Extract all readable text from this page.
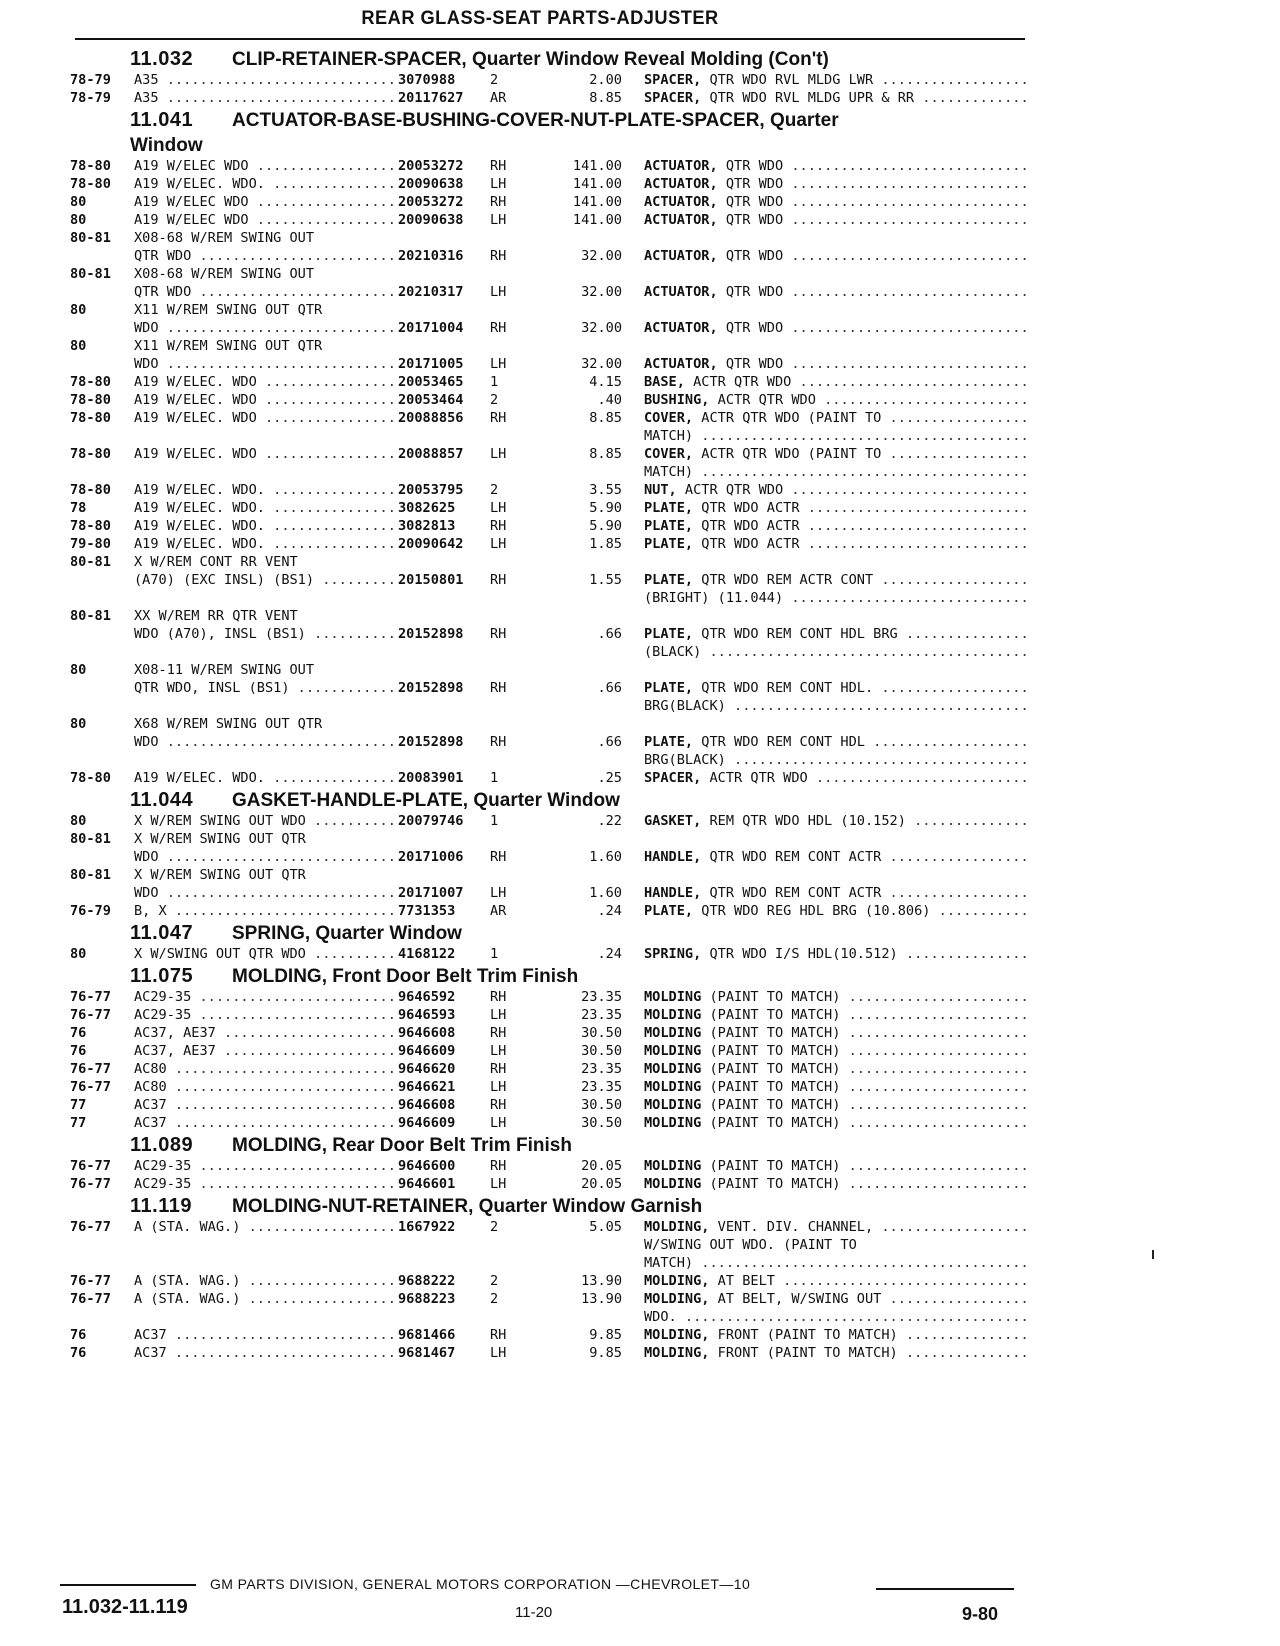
REAR GLASS-SEAT PARTS-ADJUSTER
11.032	CLIP-RETAINER-SPACER, Quarter Window Reveal Molding (Con't)
78-79	A35 .....	3070988	2	2.00	SPACER, QTR WDO RVL MLDG LWR .....
78-79	A35 .....	20117627	AR	8.85	SPACER, QTR WDO RVL MLDG UPR & RR .....
11.041	ACTUATOR-BASE-BUSHING-COVER-NUT-PLATE-SPACER, Quarter
Window
78-80	A19 W/ELEC WDO .....	20053272	RH	141.00	ACTUATOR, QTR WDO .....
78-80	A19 W/ELEC. WDO. .....	20090638	LH	141.00	ACTUATOR, QTR WDO .....
80	A19 W/ELEC WDO .....	20053272	RH	141.00	ACTUATOR, QTR WDO .....
80	A19 W/ELEC WDO .....	20090638	LH	141.00	ACTUATOR, QTR WDO .....
80-81	X08-68 W/REM SWING OUT
QTR WDO .....	20210316	RH	32.00	ACTUATOR, QTR WDO .....
80-81	X08-68 W/REM SWING OUT
QTR WDO .....	20210317	LH	32.00	ACTUATOR, QTR WDO .....
80	X11 W/REM SWING OUT QTR
WDO .....	20171004	RH	32.00	ACTUATOR, QTR WDO .....
80	X11 W/REM SWING OUT QTR
WDO .....	20171005	LH	32.00	ACTUATOR, QTR WDO .....
78-80	A19 W/ELEC. WDO .....	20053465	1	4.15	BASE, ACTR QTR WDO .....
78-80	A19 W/ELEC. WDO .....	20053464	2	.40	BUSHING, ACTR QTR WDO .....
78-80	A19 W/ELEC. WDO .....	20088856	RH	8.85	COVER, ACTR QTR WDO (PAINT TO .....
MATCH) .....
78-80	A19 W/ELEC. WDO .....	20088857	LH	8.85	COVER, ACTR QTR WDO (PAINT TO .....
MATCH) .....
78-80	A19 W/ELEC. WDO. .....	20053795	2	3.55	NUT, ACTR QTR WDO .....
78	A19 W/ELEC. WDO. .....	3082625	LH	5.90	PLATE, QTR WDO ACTR .....
78-80	A19 W/ELEC. WDO. .....	3082813	RH	5.90	PLATE, QTR WDO ACTR .....
79-80	A19 W/ELEC. WDO. .....	20090642	LH	1.85	PLATE, QTR WDO ACTR .....
80-81	X W/REM CONT RR VENT
(A70) (EXC INSL) (BS1) .....	20150801	RH	1.55	PLATE, QTR WDO REM ACTR CONT .....
(BRIGHT) (11.044) .....
80-81	XX W/REM RR QTR VENT
WDO (A70), INSL (BS1) .....	20152898	RH	.66	PLATE, QTR WDO REM CONT HDL BRG .....
(BLACK) .....
80	X08-11 W/REM SWING OUT
QTR WDO, INSL (BS1) .....	20152898	RH	.66	PLATE, QTR WDO REM CONT HDL. .....
BRG(BLACK) .....
80	X68 W/REM SWING OUT QTR
WDO .....	20152898	RH	.66	PLATE, QTR WDO REM CONT HDL .....
BRG(BLACK) .....
78-80	A19 W/ELEC. WDO. .....	20083901	1	.25	SPACER, ACTR QTR WDO .....
11.044	GASKET-HANDLE-PLATE, Quarter Window
80	X W/REM SWING OUT WDO .....	20079746	1	.22	GASKET, REM QTR WDO HDL (10.152) .....
80-81	X W/REM SWING OUT QTR
WDO .....	20171006	RH	1.60	HANDLE, QTR WDO REM CONT ACTR .....
80-81	X W/REM SWING OUT QTR
WDO .....	20171007	LH	1.60	HANDLE, QTR WDO REM CONT ACTR .....
76-79	B, X .....	7731353	AR	.24	PLATE, QTR WDO REG HDL BRG (10.806) .....
11.047	SPRING, Quarter Window
80	X W/SWING OUT QTR WDO .....	4168122	1	.24	SPRING, QTR WDO I/S HDL(10.512) .....
11.075	MOLDING, Front Door Belt Trim Finish
76-77	AC29-35 .....	9646592	RH	23.35	MOLDING (PAINT TO MATCH) .....
76-77	AC29-35 .....	9646593	LH	23.35	MOLDING (PAINT TO MATCH) .....
76	AC37, AE37 .....	9646608	RH	30.50	MOLDING (PAINT TO MATCH) .....
76	AC37, AE37 .....	9646609	LH	30.50	MOLDING (PAINT TO MATCH) .....
76-77	AC80 .....	9646620	RH	23.35	MOLDING (PAINT TO MATCH) .....
76-77	AC80 .....	9646621	LH	23.35	MOLDING (PAINT TO MATCH) .....
77	AC37 .....	9646608	RH	30.50	MOLDING (PAINT TO MATCH) .....
77	AC37 .....	9646609	LH	30.50	MOLDING (PAINT TO MATCH) .....
11.089	MOLDING, Rear Door Belt Trim Finish
76-77	AC29-35 .....	9646600	RH	20.05	MOLDING (PAINT TO MATCH) .....
76-77	AC29-35 .....	9646601	LH	20.05	MOLDING (PAINT TO MATCH) .....
11.119	MOLDING-NUT-RETAINER, Quarter Window Garnish
76-77	A (STA. WAG.) .....	1667922	2	5.05	MOLDING, VENT. DIV. CHANNEL, .....
W/SWING OUT WDO. (PAINT TO
MATCH) .....
76-77	A (STA. WAG.) .....	9688222	2	13.90	MOLDING, AT BELT .....
76-77	A (STA. WAG.) .....	9688223	2	13.90	MOLDING, AT BELT, W/SWING OUT .....
WDO. .....
76	AC37 .....	9681466	RH	9.85	MOLDING, FRONT (PAINT TO MATCH) .....
76	AC37 .....	9681467	LH	9.85	MOLDING, FRONT (PAINT TO MATCH) .....
GM PARTS DIVISION, GENERAL MOTORS CORPORATION —CHEVROLET—10
11.032-11.119	11-20	9-80
